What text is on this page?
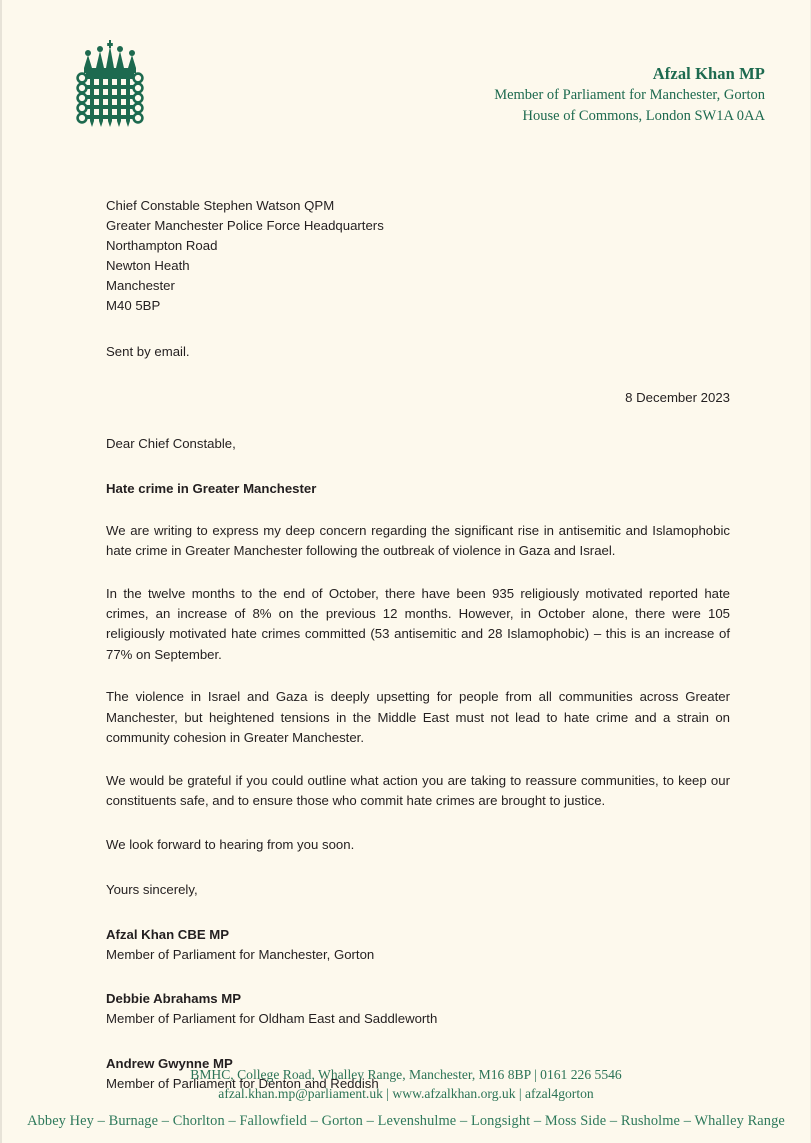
Afzal Khan MP
Member of Parliament for Manchester, Gorton
House of Commons, London SW1A 0AA
Chief Constable Stephen Watson QPM
Greater Manchester Police Force Headquarters
Northampton Road
Newton Heath
Manchester
M40 5BP
Sent by email.
8 December 2023
Dear Chief Constable,
Hate crime in Greater Manchester

We are writing to express my deep concern regarding the significant rise in antisemitic and Islamophobic hate crime in Greater Manchester following the outbreak of violence in Gaza and Israel.

In the twelve months to the end of October, there have been 935 religiously motivated reported hate crimes, an increase of 8% on the previous 12 months. However, in October alone, there were 105 religiously motivated hate crimes committed (53 antisemitic and 28 Islamophobic) – this is an increase of 77% on September.

The violence in Israel and Gaza is deeply upsetting for people from all communities across Greater Manchester, but heightened tensions in the Middle East must not lead to hate crime and a strain on community cohesion in Greater Manchester.

We would be grateful if you could outline what action you are taking to reassure communities, to keep our constituents safe, and to ensure those who commit hate crimes are brought to justice.

We look forward to hearing from you soon.
Yours sincerely,
Afzal Khan CBE MP
Member of Parliament for Manchester, Gorton
Debbie Abrahams MP
Member of Parliament for Oldham East and Saddleworth
Andrew Gwynne MP
Member of Parliament for Denton and Reddish
BMHC, College Road, Whalley Range, Manchester, M16 8BP | 0161 226 5546
afzal.khan.mp@parliament.uk | www.afzalkhan.org.uk | afzal4gorton
Abbey Hey – Burnage – Chorlton – Fallowfield – Gorton – Levenshulme – Longsight – Moss Side – Rusholme – Whalley Range
